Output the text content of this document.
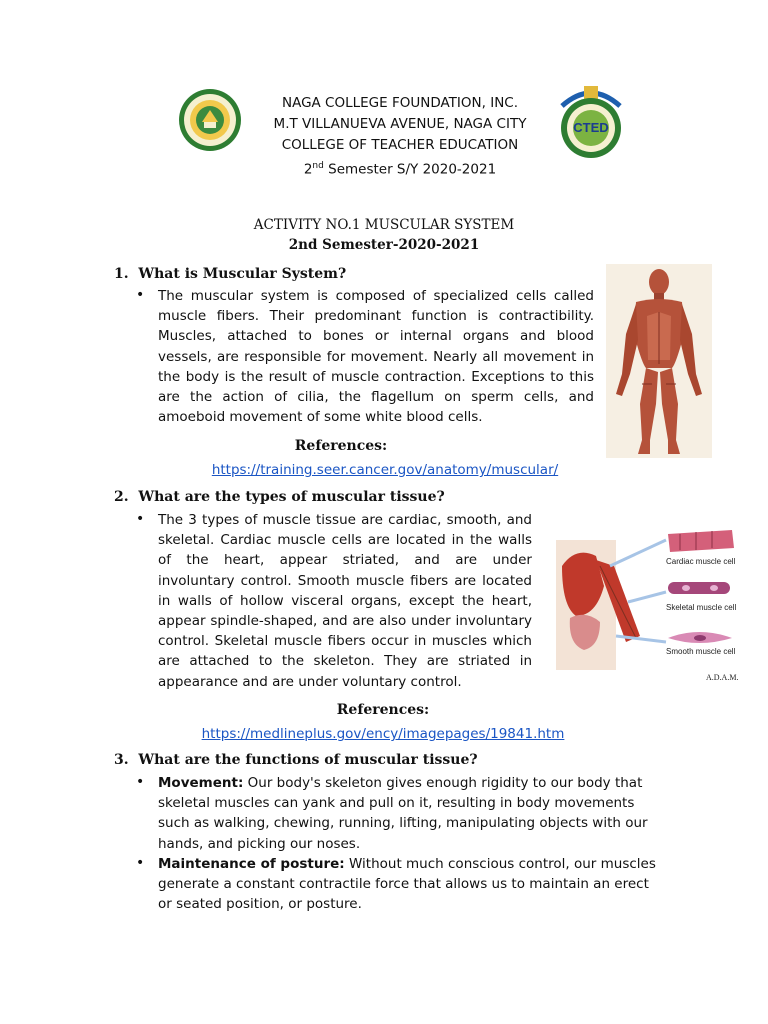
CTED
NAGA COLLEGE FOUNDATION, INC.
M.T VILLANUEVA AVENUE, NAGA CITY
COLLEGE OF TEACHER EDUCATION
2nd Semester S/Y 2020-2021
ACTIVITY NO.1 MUSCULAR SYSTEM
2nd Semester-2020-2021
1. What is Muscular System?
• The muscular system is composed of specialized cells called muscle fibers. Their predominant function is contractibility. Muscles, attached to bones or internal organs and blood vessels, are responsible for movement. Nearly all movement in the body is the result of muscle contraction. Exceptions to this are the action of cilia, the flagellum on sperm cells, and amoeboid movement of some white blood cells.
References:
https://training.seer.cancer.gov/anatomy/muscular/
2. What are the types of muscular tissue?
• The 3 types of muscle tissue are cardiac, smooth, and skeletal. Cardiac muscle cells are located in the walls of the heart, appear striated, and are under involuntary control. Smooth muscle fibers are located in walls of hollow visceral organs, except the heart, appear spindle-shaped, and are also under involuntary control. Skeletal muscle fibers occur in muscles which are attached to the skeleton. They are striated in appearance and are under voluntary control.
Cardiac muscle cell
Skeletal muscle cell
Smooth muscle cell
A.D.A.M.
References:
https://medlineplus.gov/ency/imagepages/19841.htm
3. What are the functions of muscular tissue?
• Movement: Our body's skeleton gives enough rigidity to our body that skeletal muscles can yank and pull on it, resulting in body movements such as walking, chewing, running, lifting, manipulating objects with our hands, and picking our noses.
• Maintenance of posture: Without much conscious control, our muscles generate a constant contractile force that allows us to maintain an erect or seated position, or posture.
